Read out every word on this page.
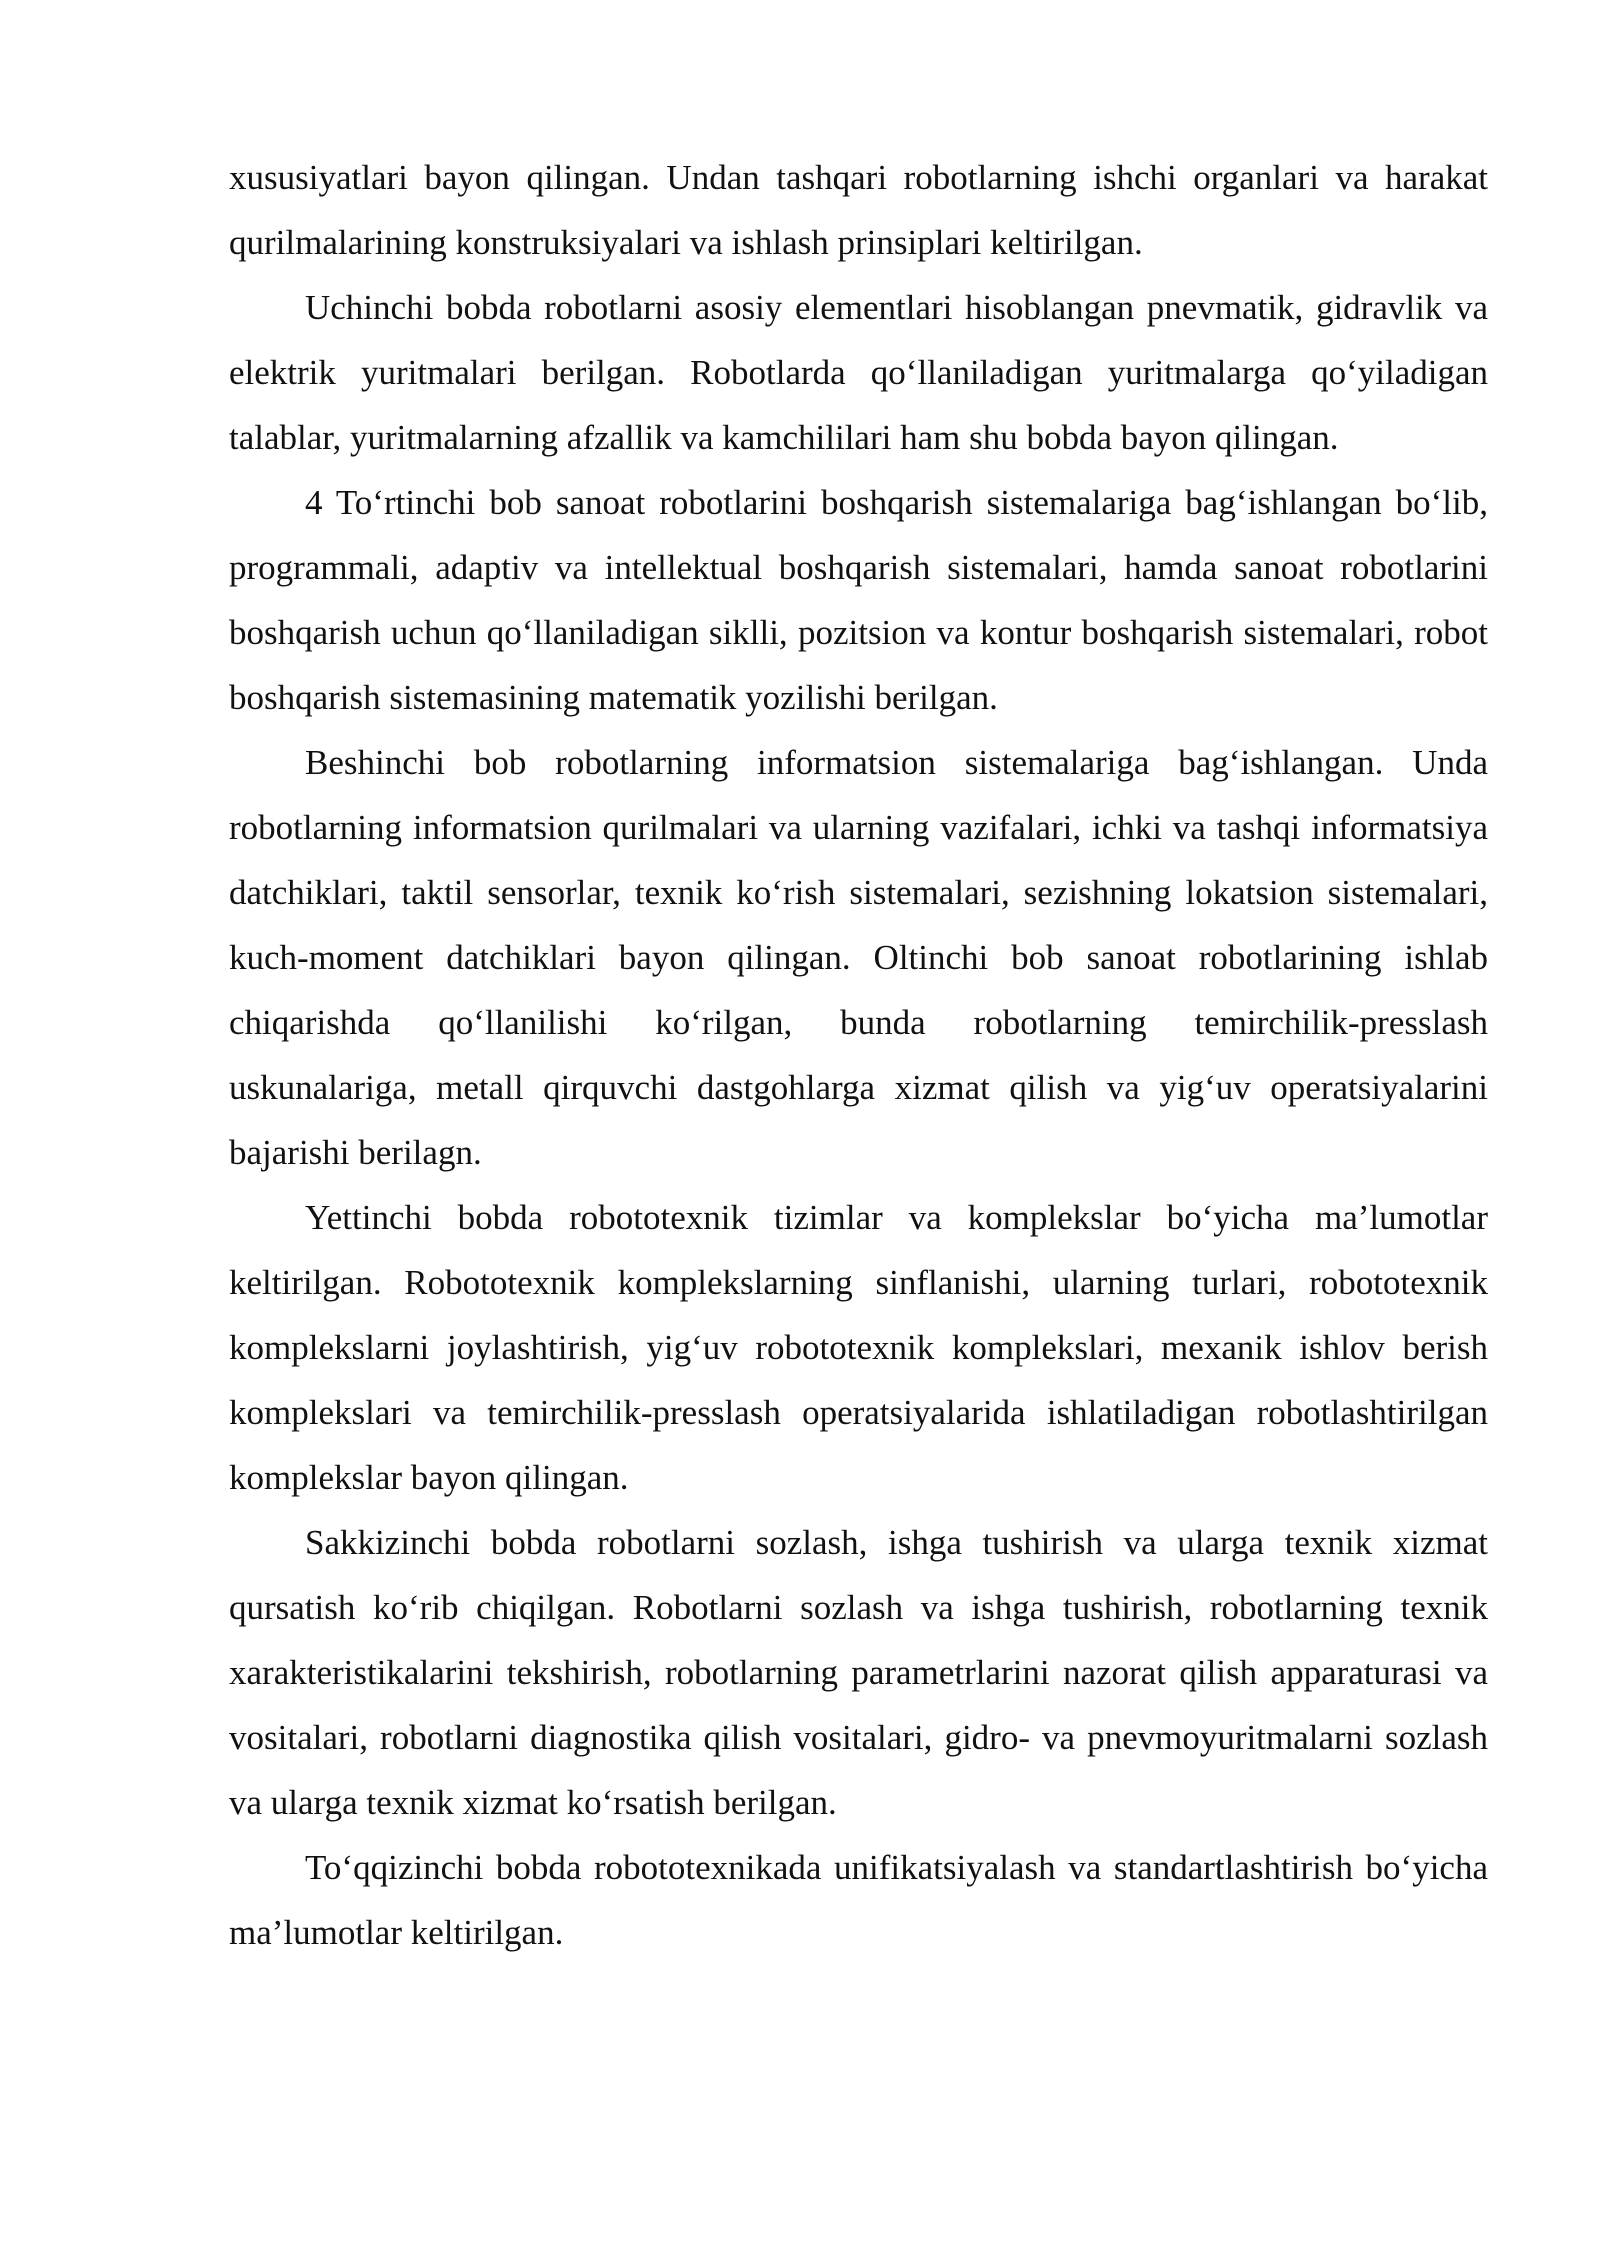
xususiyatlari bayon qilingan. Undan tashqari robotlarning ishchi organlari va harakat qurilmalarining konstruksiyalari va ishlash prinsiplari keltirilgan.

Uchinchi bobda robotlarni asosiy elementlari hisoblangan pnevmatik, gidravlik va elektrik yuritmalari berilgan. Robotlarda qo‘llaniladigan yuritmalarga qo‘yiladigan talablar, yuritmalarning afzallik va kamchililari ham shu bobda bayon qilingan.

4 To‘rtinchi bob sanoat robotlarini boshqarish sistemalariga bag‘ishlangan bo‘lib, programmali, adaptiv va intellektual boshqarish sistemalari, hamda sanoat robotlarini boshqarish uchun qo‘llaniladigan siklli, pozitsion va kontur boshqarish sistemalari, robot boshqarish sistemasining matematik yozilishi berilgan.

Beshinchi bob robotlarning informatsion sistemalariga bag‘ishlangan. Unda robotlarning informatsion qurilmalari va ularning vazifalari, ichki va tashqi informatsiya datchiklari, taktil sensorlar, texnik ko‘rish sistemalari, sezishning lokatsion sistemalari, kuch-moment datchiklari bayon qilingan. Oltinchi bob sanoat robotlarining ishlab chiqarishda qo‘llanilishi ko‘rilgan, bunda robotlarning temirchilik-presslash uskunalariga, metall qirquvchi dastgohlarga xizmat qilish va yig‘uv operatsiyalarini bajarishi berilagn.

Yettinchi bobda robototexnik tizimlar va komplekslar bo‘yicha ma’lumotlar keltirilgan. Robototexnik komplekslarning sinflanishi, ularning turlari, robototexnik komplekslarni joylashtirish, yig‘uv robototexnik komplekslari, mexanik ishlov berish komplekslari va temirchilik-presslash operatsiyalarida ishlatiladigan robotlashtirilgan komplekslar bayon qilingan.

Sakkizinchi bobda robotlarni sozlash, ishga tushirish va ularga texnik xizmat qursatish ko‘rib chiqilgan. Robotlarni sozlash va ishga tushirish, robotlarning texnik xarakteristikalarini tekshirish, robotlarning parametrlarini nazorat qilish apparaturasi va vositalari, robotlarni diagnostika qilish vositalari, gidro- va pnevmoyuritmalarni sozlash va ularga texnik xizmat ko‘rsatish berilgan.

To‘qqizinchi bobda robototexnikada unifikatsiyalash va standartlashtirish bo‘yicha ma’lumotlar keltirilgan.
